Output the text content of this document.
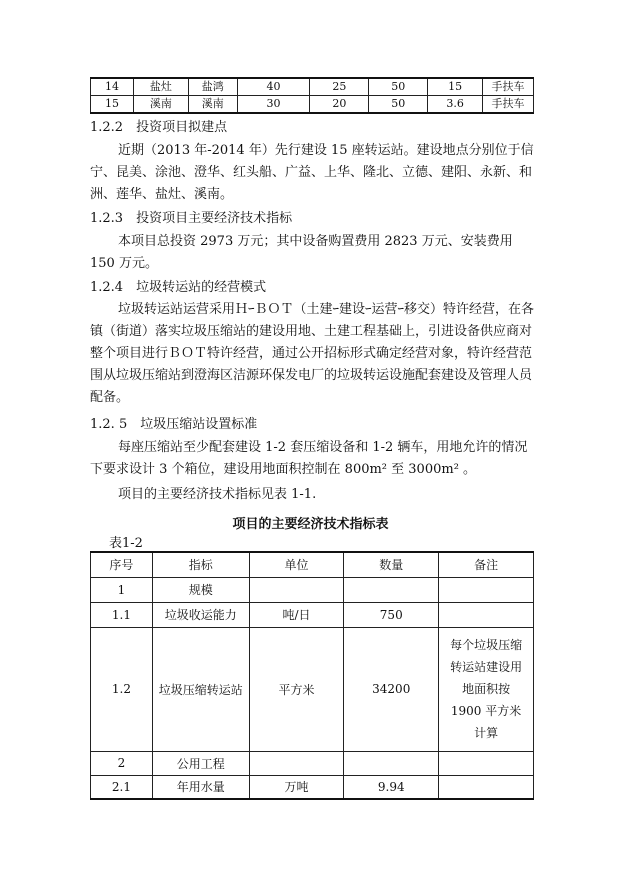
14	盐灶	盐鸿	40	25	50	15	手扶车
15	溪南	溪南	30	20	50	3.6	手扶车
1.2.2　投资项目拟建点
近期（2013 年-2014 年）先行建设 15 座转运站。建设地点分别位于信宁、昆美、涂池、澄华、红头船、广益、上华、隆北、立德、建阳、永新、和洲、莲华、盐灶、溪南。
1.2.3　投资项目主要经济技术指标
本项目总投资 2973 万元；其中设备购置费用 2823 万元、安装费用 150 万元。
1.2.4　垃圾转运站的经营模式
垃圾转运站运营采用ＨｰＢＯＴ（土建ｰ建设ｰ运营ｰ移交）特许经营，在各镇（街道）落实垃圾压缩站的建设用地、土建工程基础上，引进设备供应商对整个项目进行ＢＯＴ特许经营，通过公开招标形式确定经营对象，特许经营范围从垃圾压缩站到澄海区洁源环保发电厂的垃圾转运设施配套建设及管理人员配备。
1.2. 5　垃圾压缩站设置标准
每座压缩站至少配套建设 1-2 套压缩设备和 1-2 辆车，用地允许的情况下要求设计 3 个箱位，建设用地面积控制在 800m² 至 3000m² 。
项目的主要经济技术指标见表 1-1.
项目的主要经济技术指标表
表1-2
序号	指标	单位	数量	备注
1	规模			
1.1	垃圾收运能力	吨/日	750	
1.2	垃圾压缩转运站	平方米	34200	每个垃圾压缩
转运站建设用
地面积按
1900 平方米
计算

2	公用工程			
2.1	年用水量	万吨	9.94	
